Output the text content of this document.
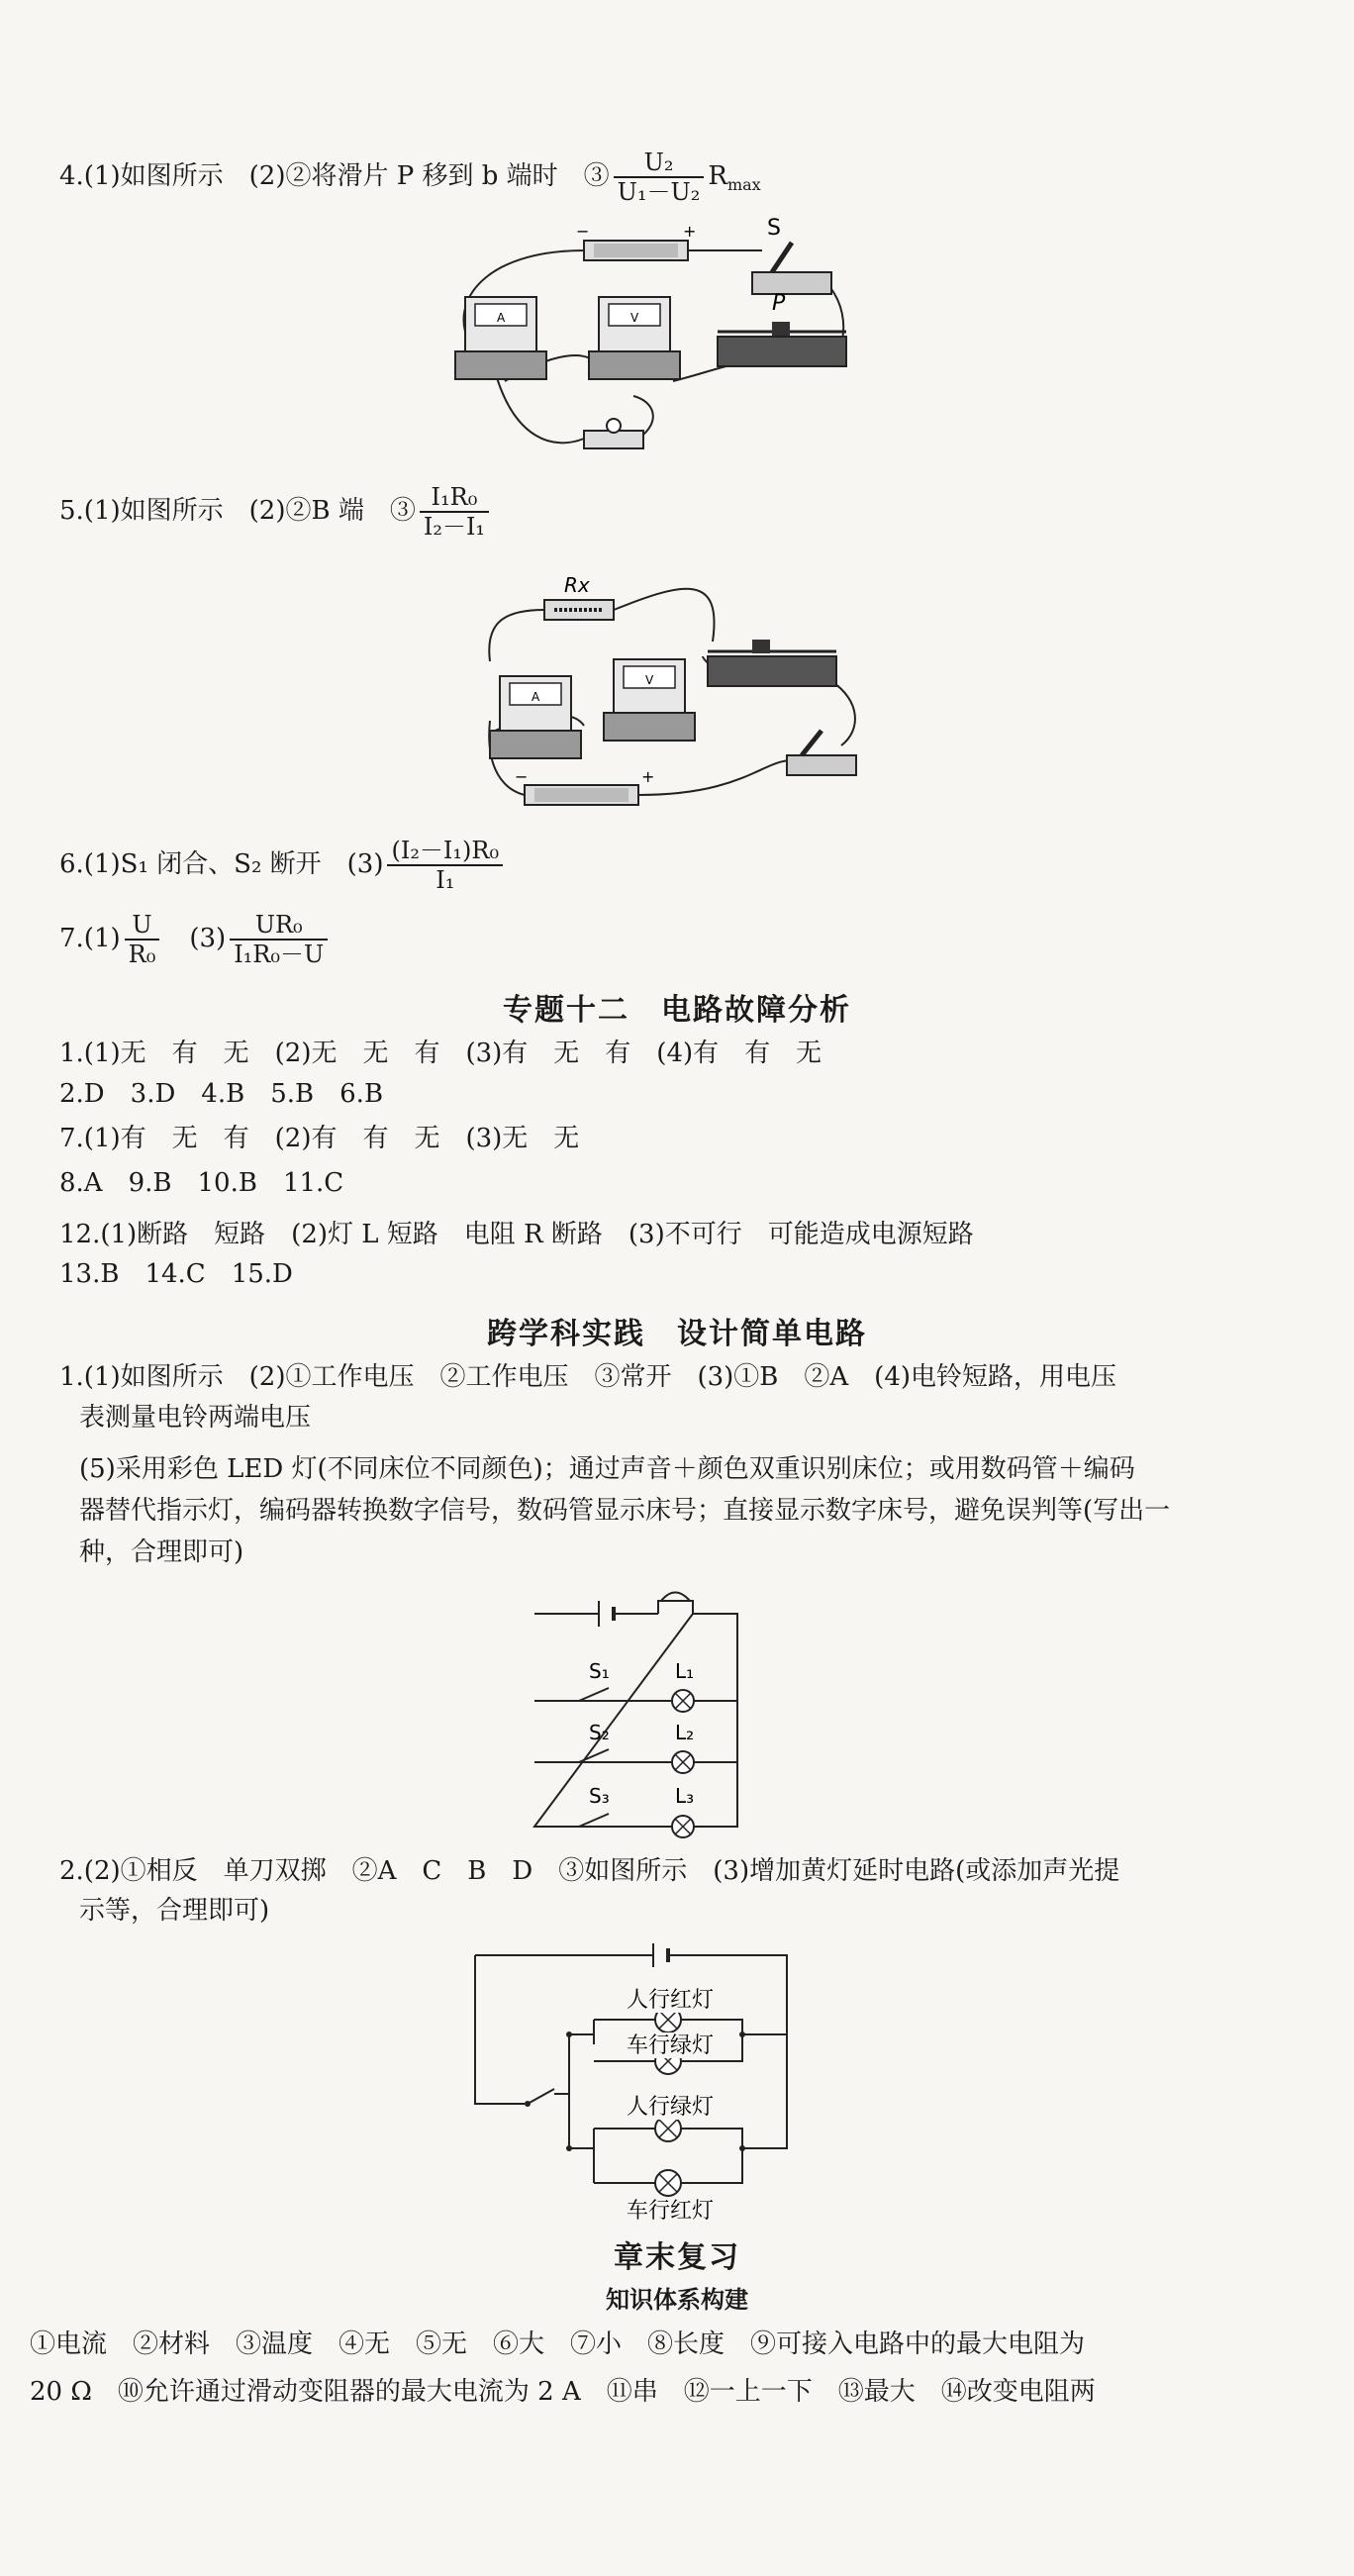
4.(1)如图所示　(2)②将滑片 P 移到 b 端时　③ $\frac{\text{U₂}}{\text{U₁－U₂}} R_{max}$
−	+	S
A	V
P
5.(1)如图所示　(2)②B 端　③ $\frac{\text{I₁R₀}}{\text{I₂－I₁}}$
Rx
A
V
+
−
6.(1)S₁ 闭合、S₂ 断开　$(3) \frac{\text{(I₂－I₁)R₀}}{\text{I₁}}$
$7.(1) \frac{U}{\text{R₀}}$ 　$(3) \frac{\text{UR₀}}{\text{I₁R₀－U}}$
专题十二　电路故障分析
1.(1)无　有　无　(2)无　无　有　(3)有　无　有　(4)有　有　无
2.D　3.D　4.B　5.B　6.B
7.(1)有　无　有　(2)有　有　无　(3)无　无
8.A　9.B　10.B　11.C
12.(1)断路　短路　(2)灯 L 短路　电阻 R 断路　(3)不可行　可能造成电源短路
13.B　14.C　15.D
跨学科实践　设计简单电路
1.(1)如图所示　(2)①工作电压　②工作电压　③常开　(3)①B　②A　(4)电铃短路，用电压
表测量电铃两端电压
(5)采用彩色 LED 灯(不同床位不同颜色)；通过声音＋颜色双重识别床位；或用数码管＋编码
器替代指示灯，编码器转换数字信号，数码管显示床号；直接显示数字床号，避免误判等(写出一
种，合理即可)
S₁	L₁
S₂	L₂
S₃	L₃
2.(2)①相反　单刀双掷　②A　C　B　D　③如图所示　(3)增加黄灯延时电路(或添加声光提
示等，合理即可)
人行红灯
车行绿灯
人行绿灯
车行红灯
章末复习
知识体系构建
①电流　②材料　③温度　④无　⑤无　⑥大　⑦小　⑧长度　⑨可接入电路中的最大电阻为
20 Ω　⑩允许通过滑动变阻器的最大电流为 2 A　⑪串　⑫一上一下　⑬最大　⑭改变电阻两
